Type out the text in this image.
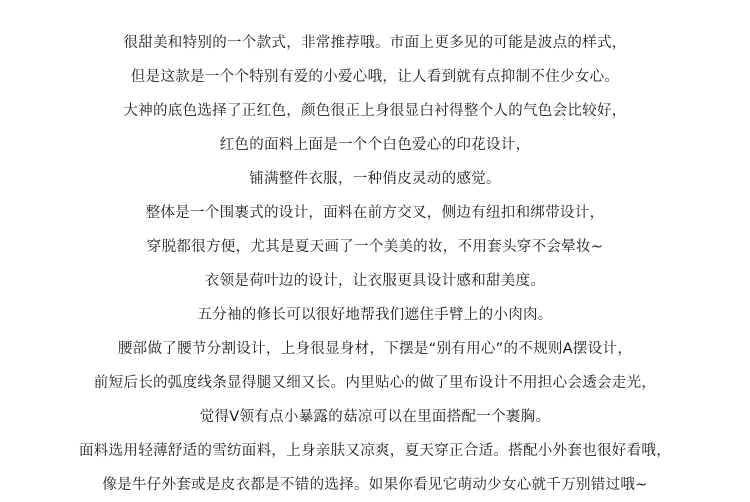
很甜美和特别的一个款式，非常推荐哦。市面上更多见的可能是波点的样式，
但是这款是一个个特别有爱的小爱心哦，让人看到就有点抑制不住少女心。
大神的底色选择了正红色，颜色很正上身很显白衬得整个人的气色会比较好，
红色的面料上面是一个个白色爱心的印花设计，
铺满整件衣服，一种俏皮灵动的感觉。
整体是一个围裹式的设计，面料在前方交叉，侧边有纽扣和绑带设计，
穿脱都很方便，尤其是夏天画了一个美美的妆，不用套头穿不会晕妆~
衣领是荷叶边的设计，让衣服更具设计感和甜美度。
五分袖的修长可以很好地帮我们遮住手臂上的小肉肉。
腰部做了腰节分割设计，上身很显身材，下摆是“别有用心”的不规则A摆设计，
前短后长的弧度线条显得腿又细又长。内里贴心的做了里布设计不用担心会透会走光，
觉得V领有点小暴露的菇凉可以在里面搭配一个裹胸。
面料选用轻薄舒适的雪纺面料，上身亲肤又凉爽，夏天穿正合适。搭配小外套也很好看哦，
像是牛仔外套或是皮衣都是不错的选择。如果你看见它萌动少女心就千万别错过哦~
